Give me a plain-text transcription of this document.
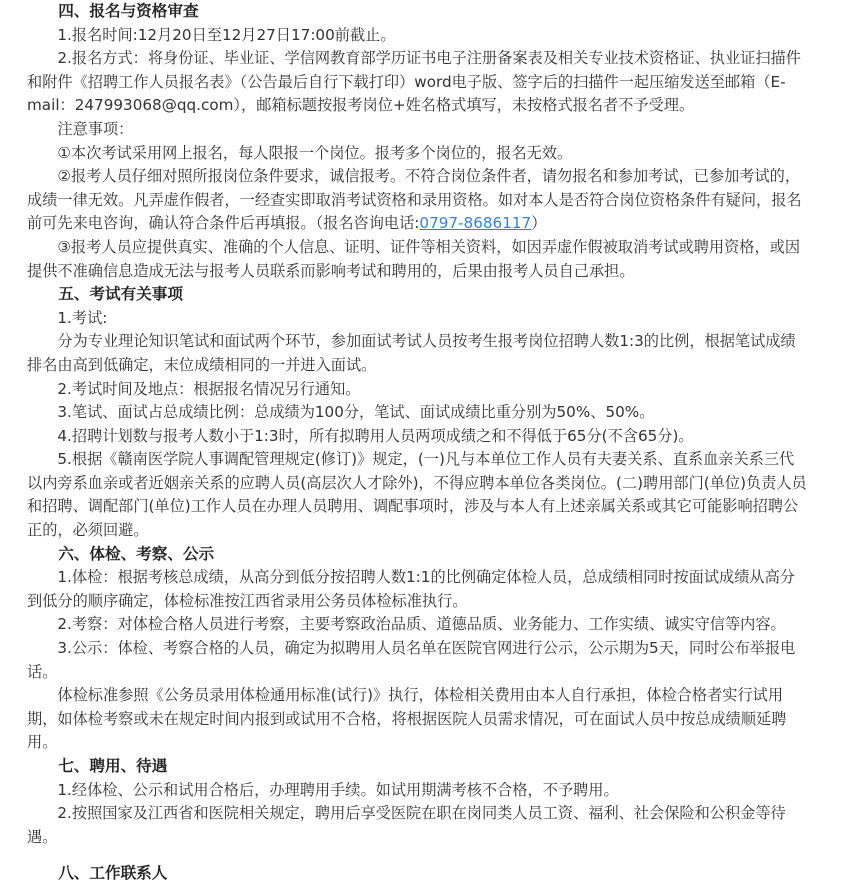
四、报名与资格审查

1.报名时间:12月20日至12月27日17:00前截止。

2.报名方式：将身份证、毕业证、学信网教育部学历证书电子注册备案表及相关专业技术资格证、执业证扫描件和附件《招聘工作人员报名表》（公告最后自行下载打印）word电子版、签字后的扫描件一起压缩发送至邮箱（E-mail：247993068@qq.com），邮箱标题按报考岗位+姓名格式填写，未按格式报名者不予受理。

注意事项：

①本次考试采用网上报名，每人限报一个岗位。报考多个岗位的，报名无效。

②报考人员仔细对照所报岗位条件要求，诚信报考。不符合岗位条件者，请勿报名和参加考试，已参加考试的，成绩一律无效。凡弄虚作假者，一经查实即取消考试资格和录用资格。如对本人是否符合岗位资格条件有疑问，报名前可先来电咨询，确认符合条件后再填报。（报名咨询电话:0797-8686117）

③报考人员应提供真实、准确的个人信息、证明、证件等相关资料，如因弄虚作假被取消考试或聘用资格，或因提供不准确信息造成无法与报考人员联系而影响考试和聘用的，后果由报考人员自己承担。

五、考试有关事项

1.考试:

分为专业理论知识笔试和面试两个环节，参加面试考试人员按考生报考岗位招聘人数1:3的比例，根据笔试成绩排名由高到低确定，末位成绩相同的一并进入面试。

2.考试时间及地点：根据报名情况另行通知。

3.笔试、面试占总成绩比例：总成绩为100分，笔试、面试成绩比重分别为50%、50%。

4.招聘计划数与报考人数小于1:3时，所有拟聘用人员两项成绩之和不得低于65分(不含65分)。

5.根据《赣南医学院人事调配管理规定(修订)》规定，(一)凡与本单位工作人员有夫妻关系、直系血亲关系三代以内旁系血亲或者近姻亲关系的应聘人员(高层次人才除外)，不得应聘本单位各类岗位。(二)聘用部门(单位)负责人员和招聘、调配部门(单位)工作人员在办理人员聘用、调配事项时，涉及与本人有上述亲属关系或其它可能影响招聘公正的，必须回避。

六、体检、考察、公示

1.体检：根据考核总成绩，从高分到低分按招聘人数1:1的比例确定体检人员，总成绩相同时按面试成绩从高分到低分的顺序确定，体检标准按江西省录用公务员体检标准执行。

2.考察：对体检合格人员进行考察，主要考察政治品质、道德品质、业务能力、工作实绩、诚实守信等内容。

3.公示：体检、考察合格的人员，确定为拟聘用人员名单在医院官网进行公示，公示期为5天，同时公布举报电话。

体检标准参照《公务员录用体检通用标准(试行)》执行，体检相关费用由本人自行承担，体检合格者实行试用期，如体检考察或未在规定时间内报到或试用不合格，将根据医院人员需求情况，可在面试人员中按总成绩顺延聘用。

七、聘用、待遇

1.经体检、公示和试用合格后，办理聘用手续。如试用期满考核不合格，不予聘用。

2.按照国家及江西省和医院相关规定，聘用后享受医院在职在岗同类人员工资、福利、社会保险和公积金等待遇。

八、工作联系人
